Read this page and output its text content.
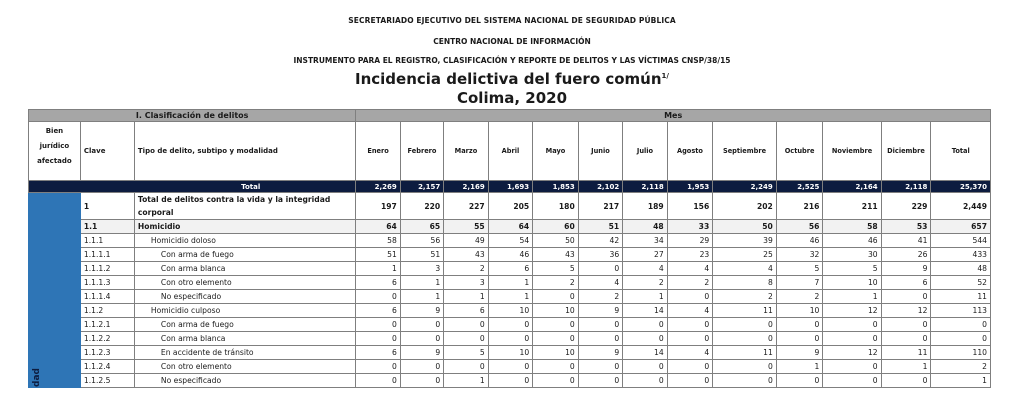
SECRETARIADO EJECUTIVO DEL SISTEMA NACIONAL DE SEGURIDAD PÚBLICA
CENTRO NACIONAL DE INFORMACIÓN
INSTRUMENTO PARA EL REGISTRO, CLASIFICACIÓN Y REPORTE DE DELITOS Y LAS VÍCTIMAS CNSP/38/15
Incidencia delictiva del fuero común$^{1/}$
Colima, 2020
I. Clasificación de delitos			Mes												
Bien jurídico afectado	Clave	Tipo de delito, subtipo y modalidad	Enero	Febrero	Marzo	Abril	Mayo	Junio	Julio	Agosto	Septiembre	Octubre	Noviembre	Diciembre	Total
Total			2,269	2,157	2,169	1,693	1,853	2,102	2,118	1,953	2,249	2,525	2,164	2,118	25,370

dad	1	Total de delitos contra la vida y la integridad corporal	197	220	227	205	180	217	189	156	202	216	211	229	2,449
	1.1	Homicidio	64	65	55	64	60	51	48	33	50	56	58	53	657
	1.1.1	Homicidio doloso	58	56	49	54	50	42	34	29	39	46	46	41	544
	1.1.1.1	Con arma de fuego	51	51	43	46	43	36	27	23	25	32	30	26	433
	1.1.1.2	Con arma blanca	1	3	2	6	5	0	4	4	4	5	5	9	48
	1.1.1.3	Con otro elemento	6	1	3	1	2	4	2	2	8	7	10	6	52
	1.1.1.4	No especificado	0	1	1	1	0	2	1	0	2	2	1	0	11
	1.1.2	Homicidio culposo	6	9	6	10	10	9	14	4	11	10	12	12	113
	1.1.2.1	Con arma de fuego	0	0	0	0	0	0	0	0	0	0	0	0	0
	1.1.2.2	Con arma blanca	0	0	0	0	0	0	0	0	0	0	0	0	0
	1.1.2.3	En accidente de tránsito	6	9	5	10	10	9	14	4	11	9	12	11	110
	1.1.2.4	Con otro elemento	0	0	0	0	0	0	0	0	0	1	0	1	2
	1.1.2.5	No especificado	0	0	1	0	0	0	0	0	0	0	0	0	1
